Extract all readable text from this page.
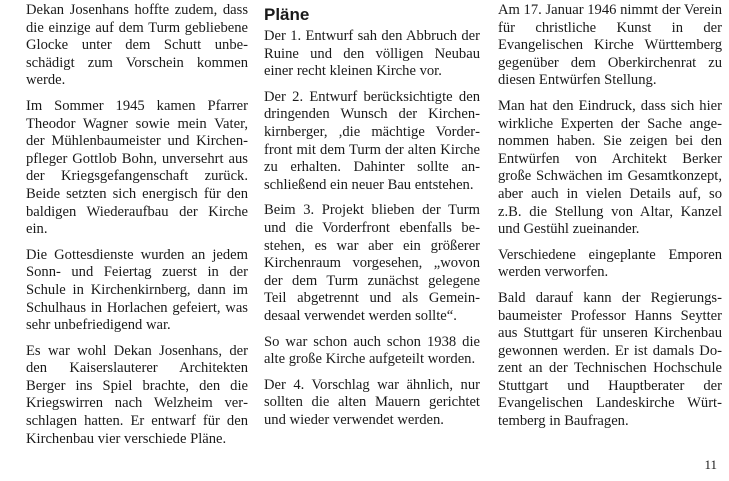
Dekan Josenhans hoffte zudem, dass die einzige auf dem Turm gebliebene Glocke unter dem Schutt unbeschädigt zum Vorschein kommen werde.

Im Sommer 1945 kamen Pfarrer Theodor Wagner sowie mein Vater, der Mühlenbaumeister und Kirchenpfleger Gottlob Bohn, unversehrt aus der Kriegsgefangenschaft zurück. Beide setzten sich energisch für den baldigen Wiederaufbau der Kirche ein.

Die Gottesdienste wurden an jedem Sonn- und Feiertag zuerst in der Schule in Kirchenkirnberg, dann im Schulhaus in Horlachen gefeiert, was sehr unbefriedigend war.

Es war wohl Dekan Josenhans, der den Kaiserslauterer Architekten Berger ins Spiel brachte, den die Kriegswirren nach Welzheim verschlagen hatten. Er entwarf für den Kirchenbau vier verschiede Pläne.

Pläne

Der 1. Entwurf sah den Abbruch der Ruine und den völligen Neubau einer recht kleinen Kirche vor.

Der 2. Entwurf berücksichtigte den dringenden Wunsch der Kirchenkirnberger, ,die mächtige Vorderfront mit dem Turm der alten Kirche zu erhalten. Dahinter sollte anschließend ein neuer Bau entstehen.

Beim 3. Projekt blieben der Turm und die Vorderfront ebenfalls bestehen, es war aber ein größerer Kirchenraum vorgesehen, „wovon der dem Turm zunächst gelegene Teil abgetrennt und als Gemeindesaal verwendet werden sollte“.

So war schon auch schon 1938 die alte große Kirche aufgeteilt worden.

Der 4. Vorschlag war ähnlich, nur sollten die alten Mauern gerichtet und wieder verwendet werden.

Am 17. Januar 1946 nimmt der Verein für christliche Kunst in der Evangelischen Kirche Württemberg gegenüber dem Oberkirchenrat zu diesen Entwürfen Stellung.

Man hat den Eindruck, dass sich hier wirkliche Experten der Sache angenommen haben. Sie zeigen bei den Entwürfen von Architekt Berker große Schwächen im Gesamtkonzept, aber auch in vielen Details auf, so z.B. die Stellung von Altar, Kanzel und Gestühl zueinander.

Verschiedene eingeplante Emporen werden verworfen.

Bald darauf kann der Regierungsbaumeister Professor Hanns Seytter aus Stuttgart für unseren Kirchenbau gewonnen werden. Er ist damals Dozent an der Technischen Hochschule Stuttgart und Hauptberater der Evangelischen Landeskirche Württemberg in Baufragen.

11
